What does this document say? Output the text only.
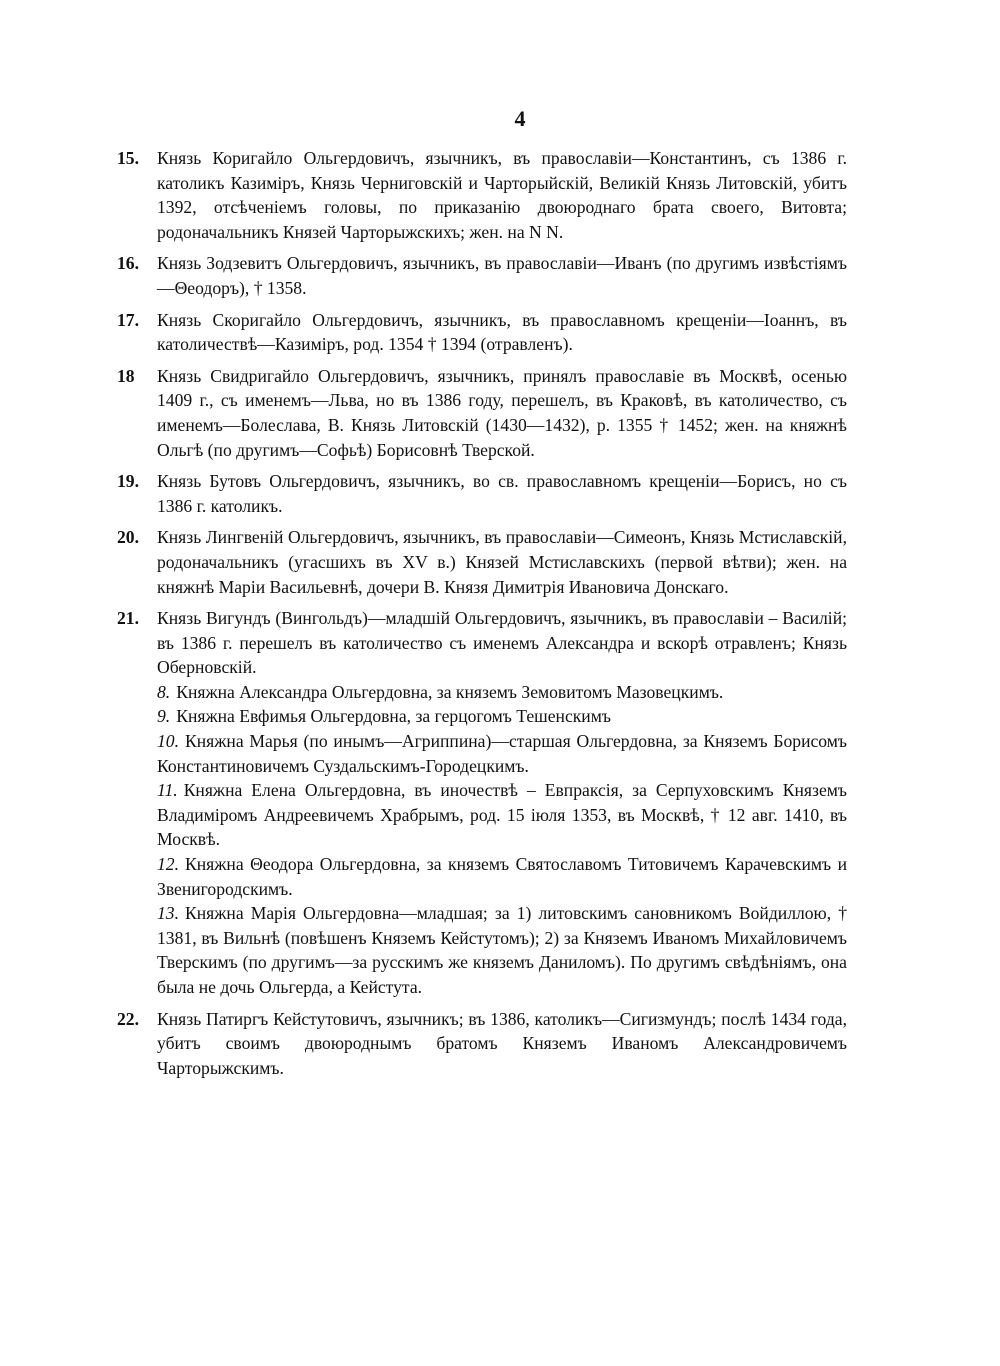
4
15. Князь Коригайло Ольгердовичъ, язычникъ, въ православіи—Константинъ, съ 1386 г. католикъ Казиміръ, Князь Черниговскій и Чарторыйскій, Великій Князь Литовскій, убитъ 1392, отсѣченіемъ головы, по приказанію двоюроднаго брата своего, Витовта; родоначальникъ Князей Чарторыжскихъ; жен. на N N.
16. Князь Зодзевитъ Ольгердовичъ, язычникъ, въ православіи—Иванъ (по другимъ извѣстіямъ—Θеодоръ), † 1358.
17. Князь Скоригайло Ольгердовичъ, язычникъ, въ православномъ крещеніи—Іоаннъ, въ католичествѣ—Казиміръ, род. 1354 † 1394 (отравленъ).
18 Князь Свидригайло Ольгердовичъ, язычникъ, принялъ православіе въ Москвѣ, осенью 1409 г., съ именемъ—Льва, но въ 1386 году, перешелъ, въ Краковѣ, въ католичество, съ именемъ—Болеслава, В. Князь Литовскій (1430—1432), р. 1355 † 1452; жен. на княжнѣ Ольгѣ (по другимъ—Софьѣ) Борисовнѣ Тверской.
19. Князь Бутовъ Ольгердовичъ, язычникъ, во св. православномъ крещеніи—Борисъ, но съ 1386 г. католикъ.
20. Князь Лингвеній Ольгердовичъ, язычникъ, въ православіи—Симеонъ, Князь Мстиславскій, родоначальникъ (угасшихъ въ XV в.) Князей Мстиславскихъ (первой вѣтви); жен. на княжнѣ Маріи Васильевнѣ, дочери В. Князя Димитрія Ивановича Донскаго.
21. Князь Вигундъ (Вингольдъ)—младшій Ольгердовичъ, язычникъ, въ православіи – Василій; въ 1386 г. перешелъ въ католичество съ именемъ Александра и вскорѣ отравленъ; Князь Оберновскій.
8. Княжна Александра Ольгердовна, за княземъ Земовитомъ Мазовецкимъ.
9. Княжна Евфимья Ольгердовна, за герцогомъ Тешенскимъ
10. Княжна Марья (по инымъ—Агриппина)—старшая Ольгердовна, за Княземъ Борисомъ Константиновичемъ Суздальскимъ-Городецкимъ.
11. Княжна Елена Ольгердовна, въ иночествѣ – Евпраксія, за Серпуховскимъ Княземъ Владиміромъ Андреевичемъ Храбрымъ, род. 15 іюля 1353, въ Москвѣ, † 12 авг. 1410, въ Москвѣ.
12. Княжна Θеодора Ольгердовна, за княземъ Святославомъ Титовичемъ Карачевскимъ и Звенигородскимъ.
13. Княжна Марія Ольгердовна—младшая; за 1) литовскимъ сановникомъ Войдиллою, † 1381, въ Вильнѣ (повѣшенъ Княземъ Кейстутомъ); 2) за Княземъ Иваномъ Михайловичемъ Тверскимъ (по другимъ—за русскимъ же княземъ Даниломъ). По другимъ свѣдѣніямъ, она была не дочь Ольгерда, а Кейстута.
22. Князь Патиргъ Кейстутовичъ, язычникъ; въ 1386, католикъ—Сигизмундъ; послѣ 1434 года, убитъ своимъ двоюроднымъ братомъ Княземъ Иваномъ Александровичемъ Чарторыжскимъ.
